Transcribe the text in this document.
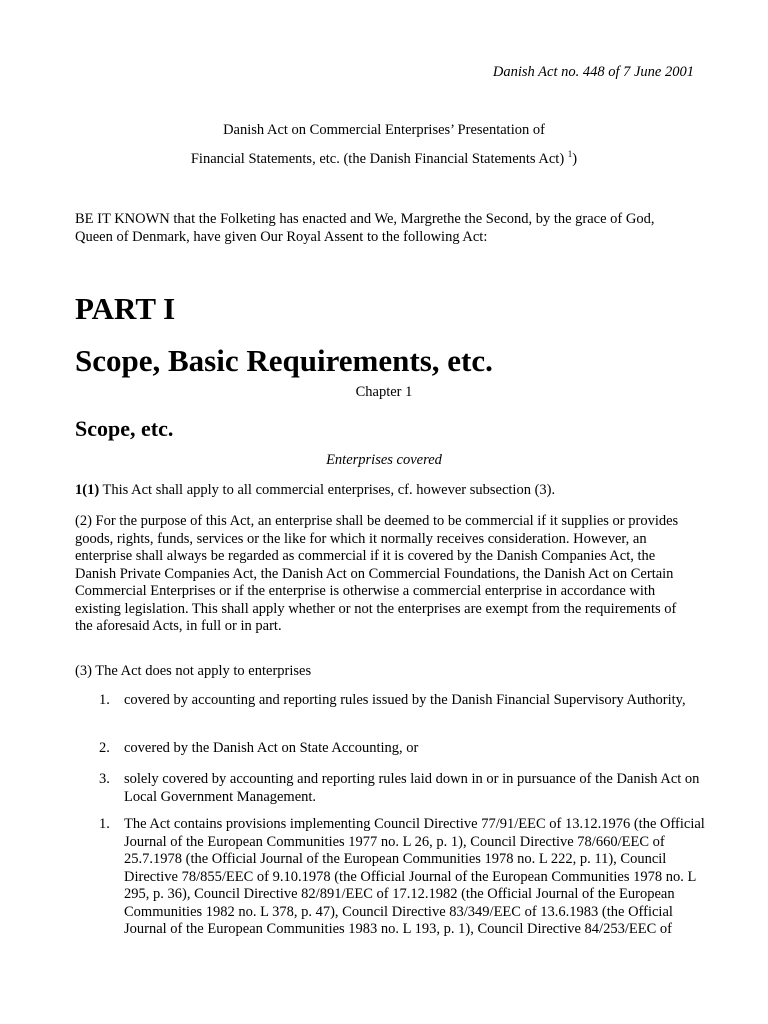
Danish Act no. 448 of 7 June 2001
Danish Act on Commercial Enterprises’ Presentation of
Financial Statements, etc. (the Danish Financial Statements Act) $^1$)
BE IT KNOWN that the Folketing has enacted and We, Margrethe the Second, by the grace of God, Queen of Denmark, have given Our Royal Assent to the following Act:
PART I
Scope, Basic Requirements, etc.
Chapter 1
Scope, etc.
Enterprises covered
1(1) This Act shall apply to all commercial enterprises, cf. however subsection (3).
(2) For the purpose of this Act, an enterprise shall be deemed to be commercial if it supplies or provides goods, rights, funds, services or the like for which it normally receives consideration. However, an enterprise shall always be regarded as commercial if it is covered by the Danish Companies Act, the Danish Private Companies Act, the Danish Act on Commercial Foundations, the Danish Act on Certain Commercial Enterprises or if the enterprise is otherwise a commercial enterprise in accordance with existing legislation. This shall apply whether or not the enterprises are exempt from the requirements of the aforesaid Acts, in full or in part.
(3) The Act does not apply to enterprises
1. covered by accounting and reporting rules issued by the Danish Financial Supervisory Authority,
2. covered by the Danish Act on State Accounting, or
3. solely covered by accounting and reporting rules laid down in or in pursuance of the Danish Act on Local Government Management.
1. The Act contains provisions implementing Council Directive 77/91/EEC of 13.12.1976 (the Official Journal of the European Communities 1977 no. L 26, p. 1), Council Directive 78/660/EEC of 25.7.1978 (the Official Journal of the European Communities 1978 no. L 222, p. 11), Council Directive 78/855/EEC of 9.10.1978 (the Official Journal of the European Communities 1978 no. L 295, p. 36), Council Directive 82/891/EEC of 17.12.1982 (the Official Journal of the European Communities 1982 no. L 378, p. 47), Council Directive 83/349/EEC of 13.6.1983 (the Official Journal of the European Communities 1983 no. L 193, p. 1), Council Directive 84/253/EEC of
